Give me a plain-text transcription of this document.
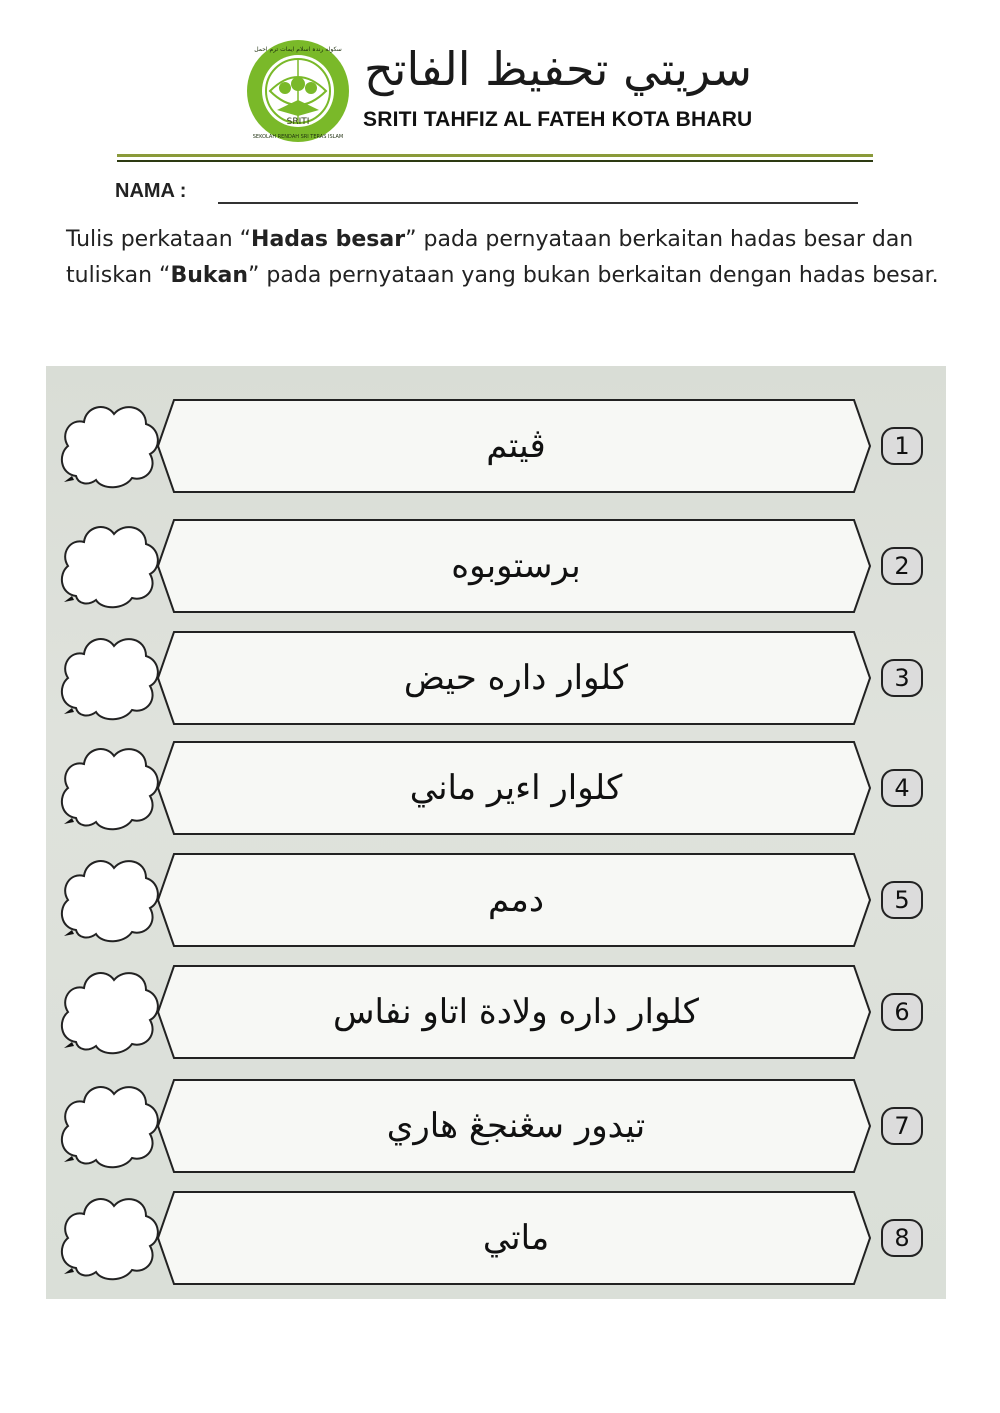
SRITI
سکوله رندہ اسلام ایمات ترم احمل
SEKOLAH RENDAH SRI TERAS ISLAM
سريتي تحفيظ الفاتح
SRITI TAHFIZ AL FATEH KOTA BHARU
NAMA :
Tulis perkataan “Hadas besar” pada pernyataan berkaitan hadas besar dan tuliskan “Bukan” pada pernyataan yang bukan berkaitan dengan hadas besar.
ڤيتم	1
برستوبوه	2
كلوار داره حيض	3
كلوار اءير ماني	4
دمم	5
كلوار داره ولادة اتاو نفاس	6
تيدور سڠنجڠ هاري	7
ماتي	8
